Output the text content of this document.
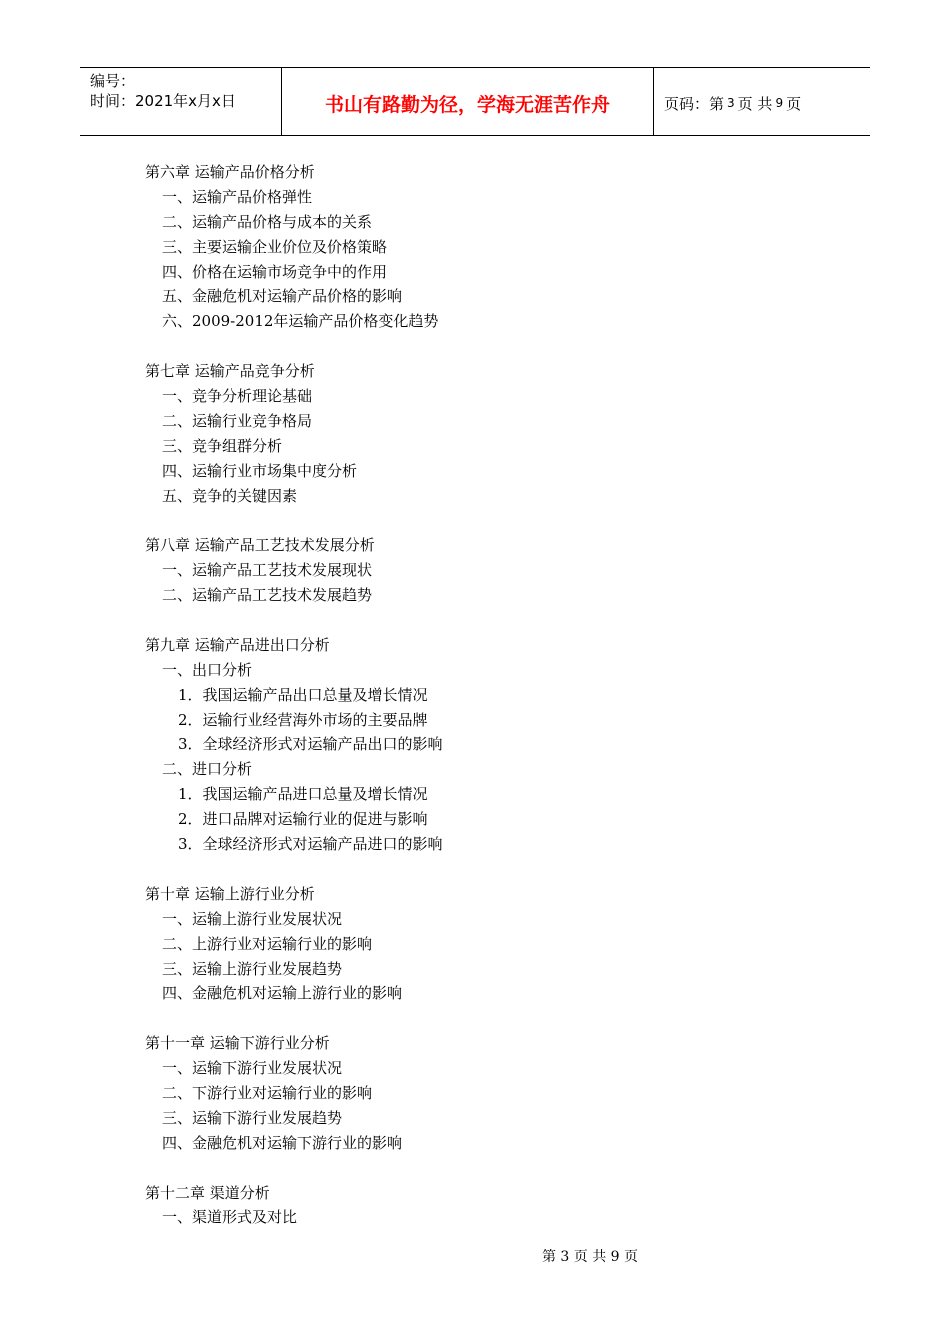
编号：
时间：2021年x月x日	书山有路勤为径，学海无涯苦作舟	页码：第 3 页 共 9 页
第六章 运输产品价格分析
一、运输产品价格弹性
二、运输产品价格与成本的关系
三、主要运输企业价位及价格策略
四、价格在运输市场竞争中的作用
五、金融危机对运输产品价格的影响
六、2009-2012年运输产品价格变化趋势
第七章 运输产品竞争分析
一、竞争分析理论基础
二、运输行业竞争格局
三、竞争组群分析
四、运输行业市场集中度分析
五、竞争的关键因素
第八章 运输产品工艺技术发展分析
一、运输产品工艺技术发展现状
二、运输产品工艺技术发展趋势
第九章 运输产品进出口分析
一、出口分析
1．我国运输产品出口总量及增长情况
2．运输行业经营海外市场的主要品牌
3．全球经济形式对运输产品出口的影响
二、进口分析
1．我国运输产品进口总量及增长情况
2．进口品牌对运输行业的促进与影响
3．全球经济形式对运输产品进口的影响
第十章 运输上游行业分析
一、运输上游行业发展状况
二、上游行业对运输行业的影响
三、运输上游行业发展趋势
四、金融危机对运输上游行业的影响
第十一章 运输下游行业分析
一、运输下游行业发展状况
二、下游行业对运输行业的影响
三、运输下游行业发展趋势
四、金融危机对运输下游行业的影响
第十二章 渠道分析
一、渠道形式及对比
第 3 页 共 9 页
